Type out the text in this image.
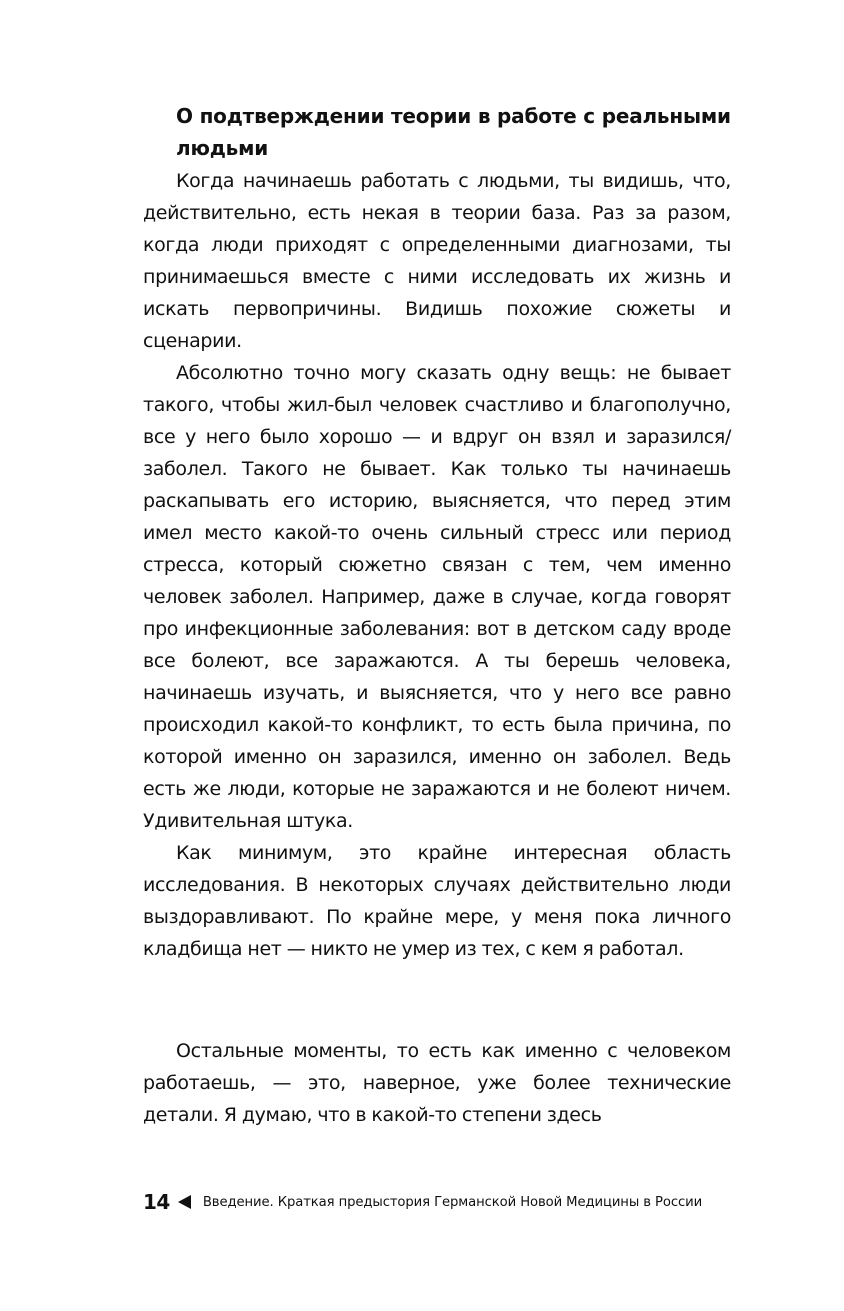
О подтверждении теории в работе с реальными людьми

Когда начинаешь работать с людьми, ты видишь, что, действительно, есть некая в теории база. Раз за разом, когда люди приходят с определенными диагнозами, ты принимаешься вместе с ними исследовать их жизнь и искать первопричины. Видишь похожие сюжеты и сценарии.

Абсолютно точно могу сказать одну вещь: не бывает такого, чтобы жил-был человек счастливо и благополучно, все у него было хорошо — и вдруг он взял и заразился/заболел. Такого не бывает. Как только ты начинаешь раскапывать его историю, выясняется, что перед этим имел место какой-то очень сильный стресс или период стресса, который сюжетно связан с тем, чем именно человек заболел. Например, даже в случае, когда говорят про инфекционные заболевания: вот в детском саду вроде все болеют, все заражаются. А ты берешь человека, начинаешь изучать, и выясняется, что у него все равно происходил какой-то конфликт, то есть была причина, по которой именно он заразился, именно он заболел. Ведь есть же люди, которые не заражаются и не болеют ничем. Удивительная штука.

Как минимум, это крайне интересная область исследования. В некоторых случаях действительно люди выздоравливают. По крайне мере, у меня пока личного кладбища нет — никто не умер из тех, с кем я работал.

Остальные моменты, то есть как именно с человеком работаешь, — это, наверное, уже более технические детали. Я думаю, что в какой-то степени здесь

14	Введение. Краткая предыстория Германской Новой Медицины в России
